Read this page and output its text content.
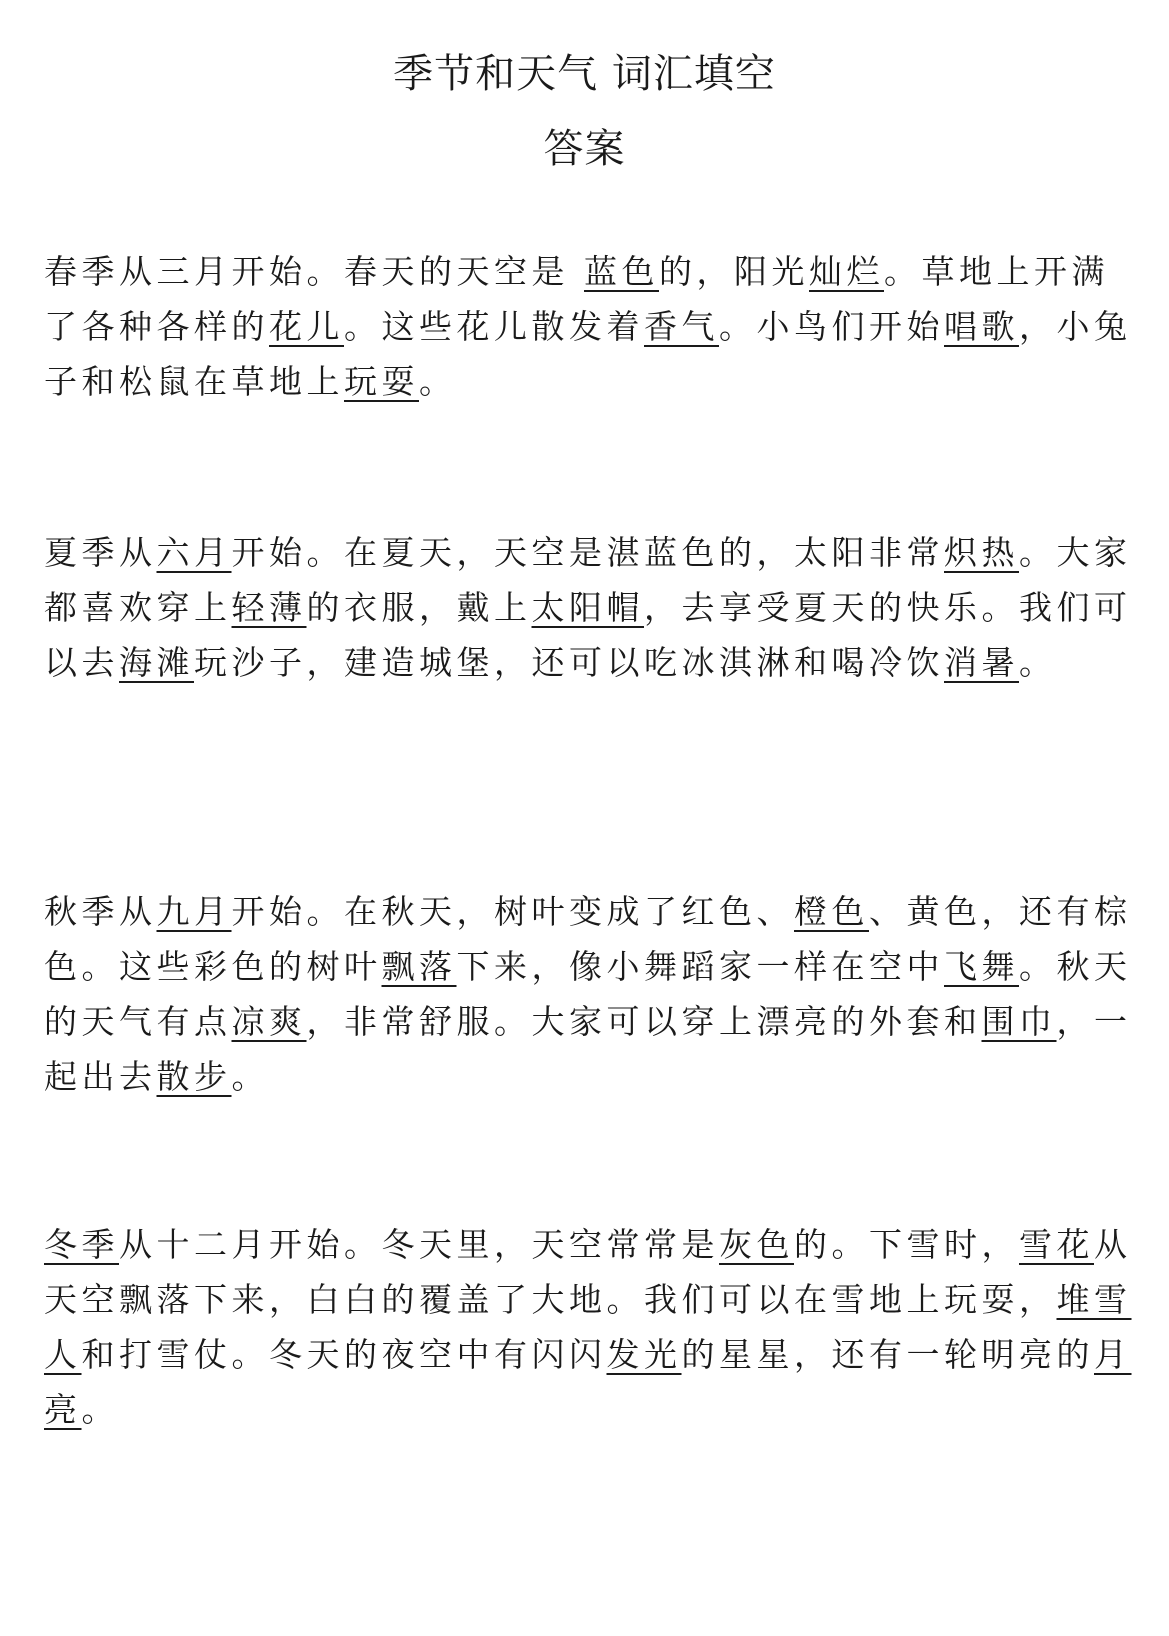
季节和天气 词汇填空
答案

春季从三月开始。春天的天空是 蓝色的，阳光灿烂。草地上开满了各种各样的花儿。这些花儿散发着香气。小鸟们开始唱歌，小兔子和松鼠在草地上玩耍。

夏季从六月开始。在夏天，天空是湛蓝色的，太阳非常炽热。大家都喜欢穿上轻薄的衣服，戴上太阳帽，去享受夏天的快乐。我们可以去海滩玩沙子，建造城堡，还可以吃冰淇淋和喝冷饮消暑。

秋季从九月开始。在秋天，树叶变成了红色、橙色、黄色，还有棕色。这些彩色的树叶飘落下来，像小舞蹈家一样在空中飞舞。秋天的天气有点凉爽，非常舒服。大家可以穿上漂亮的外套和围巾，一起出去散步。

冬季从十二月开始。冬天里，天空常常是灰色的。下雪时，雪花从天空飘落下来，白白的覆盖了大地。我们可以在雪地上玩耍，堆雪人和打雪仗。冬天的夜空中有闪闪发光的星星，还有一轮明亮的月亮。
